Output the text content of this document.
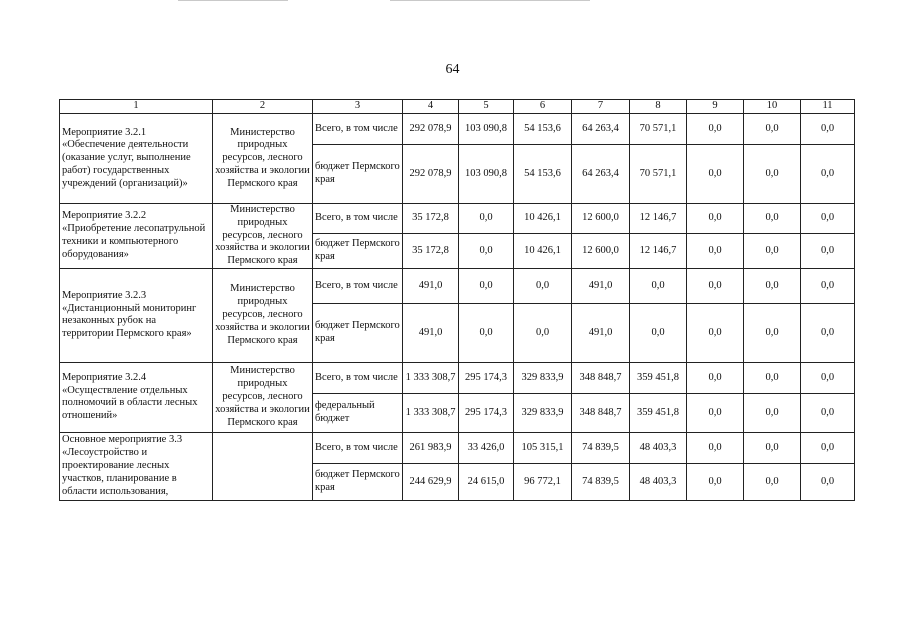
64
1	2	3	4	5	6	7	8	9	10	11
Мероприятие 3.2.1 «Обеспечение деятельности (оказание услуг, выполнение работ) государственных учреждений (организаций)»	Министерство природных ресурсов, лесного хозяйства и экологии Пермского края	Всего, в том числе	292 078,9	103 090,8	54 153,6	64 263,4	70 571,1	0,0	0,0	0,0
		бюджет Пермского края	292 078,9	103 090,8	54 153,6	64 263,4	70 571,1	0,0	0,0	0,0
Мероприятие 3.2.2 «Приобретение лесопатрульной техники и компьютерного оборудования»	Министерство природных ресурсов, лесного хозяйства и экологии Пермского края	Всего, в том числе	35 172,8	0,0	10 426,1	12 600,0	12 146,7	0,0	0,0	0,0
		бюджет Пермского края	35 172,8	0,0	10 426,1	12 600,0	12 146,7	0,0	0,0	0,0
Мероприятие 3.2.3 «Дистанционный мониторинг незаконных рубок на территории Пермского края»	Министерство природных ресурсов, лесного хозяйства и экологии Пермского края	Всего, в том числе	491,0	0,0	0,0	491,0	0,0	0,0	0,0	0,0
		бюджет Пермского края	491,0	0,0	0,0	491,0	0,0	0,0	0,0	0,0
Мероприятие 3.2.4 «Осуществление отдельных полномочий в области лесных отношений»	Министерство природных ресурсов, лесного хозяйства и экологии Пермского края	Всего, в том числе	1 333 308,7	295 174,3	329 833,9	348 848,7	359 451,8	0,0	0,0	0,0
		федеральный бюджет	1 333 308,7	295 174,3	329 833,9	348 848,7	359 451,8	0,0	0,0	0,0
Основное мероприятие 3.3 «Лесоустройство и проектирование лесных участков, планирование в области использования,		Всего, в том числе	261 983,9	33 426,0	105 315,1	74 839,5	48 403,3	0,0	0,0	0,0
		бюджет Пермского края	244 629,9	24 615,0	96 772,1	74 839,5	48 403,3	0,0	0,0	0,0
